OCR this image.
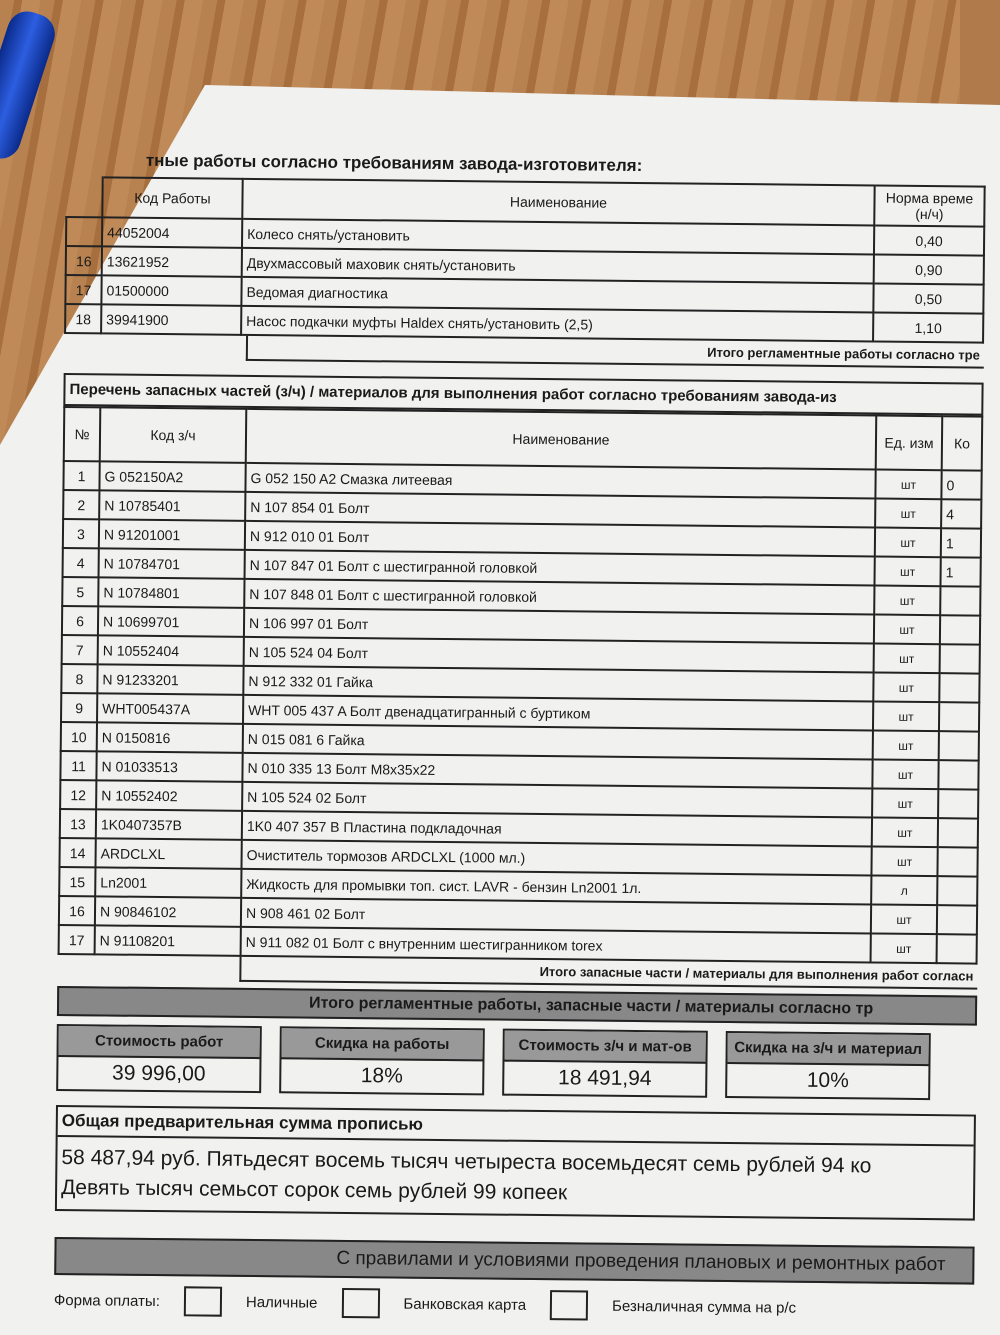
тные работы согласно требованиям завода-изготовителя:
	Код Работы	Наименование	Норма време (н/ч)
	44052004	Колесо снять/установить	0,40
16	13621952	Двухмассовый маховик снять/установить	0,90
17	01500000	Ведомая диагностика	0,50
18	39941900	Насос подкачки муфты Haldex снять/установить (2,5)	1,10
Итого регламентные работы согласно тре
Перечень запасных частей (з/ч) / материалов для выполнения работ согласно требованиям завода-из
№	Код з/ч	Наименование	Ед. изм	Ко
1	G 052150A2	G 052 150 A2 Смазка литеевая	шт	0
2	N 10785401	N 107 854 01 Болт	шт	4
3	N 91201001	N 912 010 01 Болт	шт	1
4	N 10784701	N 107 847 01 Болт с шестигранной головкой	шт	1
5	N 10784801	N 107 848 01 Болт с шестигранной головкой	шт	
6	N 10699701	N 106 997 01 Болт	шт	
7	N 10552404	N 105 524 04 Болт	шт	
8	N 91233201	N 912 332 01 Гайка	шт	
9	WHT005437A	WHT 005 437 A Болт двенадцатигранный с буртиком	шт	
10	N 0150816	N 015 081 6 Гайка	шт	
11	N 01033513	N 010 335 13 Болт M8x35x22	шт	
12	N 10552402	N 105 524 02 Болт	шт	
13	1K0407357B	1K0 407 357 B Пластина подкладочная	шт	
14	ARDCLXL	Очиститель тормозов ARDCLXL (1000 мл.)	шт	
15	Ln2001	Жидкость для промывки топ. сист. LAVR - бензин Ln2001 1л.	л	
16	N 90846102	N 908 461 02 Болт	шт	
17	N 91108201	N 911 082 01 Болт с внутренним шестигранником torex	шт	
Итого запасные части / материалы для выполнения работ согласн
Итого регламентные работы, запасные части / материалы согласно тр
Стоимость работ
39 996,00
Скидка на работы
18%
Стоимость з/ч и мат-ов
18 491,94
Скидка на з/ч и материал
10%
Общая предварительная сумма прописью
58 487,94 руб. Пятьдесят восемь тысяч четыреста восемьдесят семь рублей 94 ко
Девять тысяч семьсот сорок семь рублей 99 копеек
С правилами и условиями проведения плановых и ремонтных работ
Форма оплаты:	Наличные	Банковская карта	Безналичная сумма на р/с
